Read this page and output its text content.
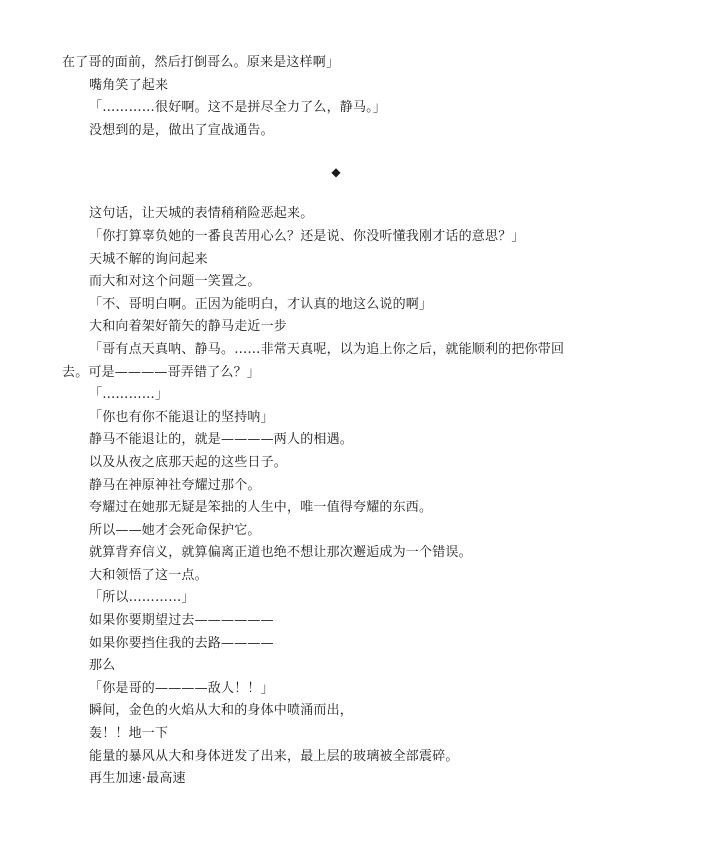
在了哥的面前，然后打倒哥么。原来是这样啊」

嘴角笑了起来

「…………很好啊。这不是拼尽全力了么，静马。」

没想到的是，做出了宣战通告。

◆

这句话，让天城的表情稍稍险恶起来。

「你打算辜负她的一番良苦用心么？还是说、你没听懂我刚才话的意思？」

天城不解的询问起来

而大和对这个问题一笑置之。

「不、哥明白啊。正因为能明白，才认真的地这么说的啊」

大和向着架好箭矢的静马走近一步

「哥有点天真呐、静马。……非常天真呢，以为追上你之后，就能顺利的把你带回去。可是————哥弄错了么？」

「…………」

「你也有你不能退让的坚持呐」

静马不能退让的，就是————两人的相遇。

以及从夜之底那天起的这些日子。

静马在神原神社夸耀过那个。

夸耀过在她那无疑是笨拙的人生中，唯一值得夸耀的东西。

所以——她才会死命保护它。

就算背弃信义，就算偏离正道也绝不想让那次邂逅成为一个错误。

大和领悟了这一点。

「所以…………」

如果你要期望过去——————

如果你要挡住我的去路————

那么

「你是哥的————敌人！！」

瞬间，金色的火焰从大和的身体中喷涌而出，

轰！！地一下

能量的暴风从大和身体迸发了出来，最上层的玻璃被全部震碎。

再生加速·最高速
